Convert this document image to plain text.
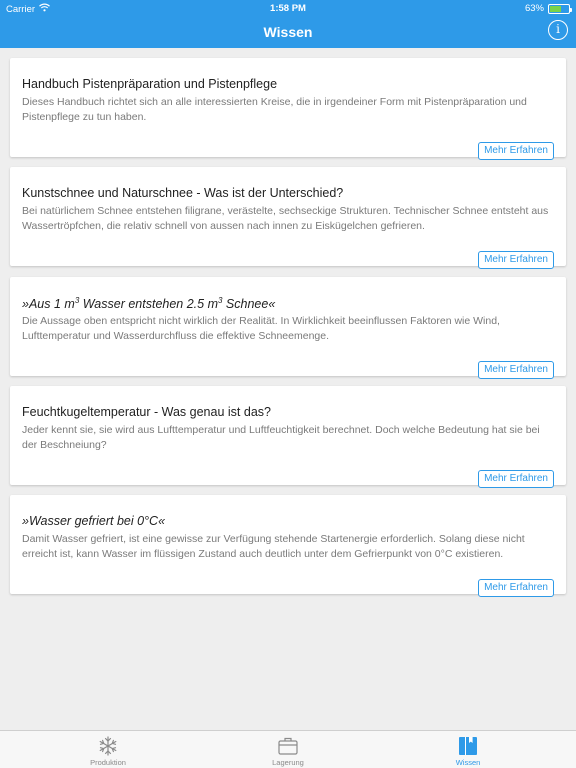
Carrier	1:58 PM	63%
Wissen	i
Handbuch Pistenpräparation und Pistenpflege
Dieses Handbuch richtet sich an alle interessierten Kreise, die in irgendeiner Form mit Pistenpräparation und Pistenpflege zu tun haben.
Mehr Erfahren
Kunstschnee und Naturschnee - Was ist der Unterschied?
Bei natürlichem Schnee entstehen filigrane, verästelte, sechseckige Strukturen. Technischer Schnee entsteht aus Wassertröpfchen, die relativ schnell von aussen nach innen zu Eiskügelchen gefrieren.
Mehr Erfahren
»Aus 1 $m^3$ Wasser entstehen 2.5 $m^3$ Schnee«
Die Aussage oben entspricht nicht wirklich der Realität. In Wirklichkeit beeinflussen Faktoren wie Wind, Lufttemperatur und Wasserdurchfluss die effektive Schneemenge.
Mehr Erfahren
Feuchtkugeltemperatur - Was genau ist das?
Jeder kennt sie, sie wird aus Lufttemperatur und Luftfeuchtigkeit berechnet. Doch welche Bedeutung hat sie bei der Beschneiung?
Mehr Erfahren
»Wasser gefriert bei 0°C«
Damit Wasser gefriert, ist eine gewisse zur Verfügung stehende Startenergie erforderlich. Solang diese nicht erreicht ist, kann Wasser im flüssigen Zustand auch deutlich unter dem Gefrierpunkt von 0°C existieren.
Mehr Erfahren
Produktion	Lagerung	Wissen
